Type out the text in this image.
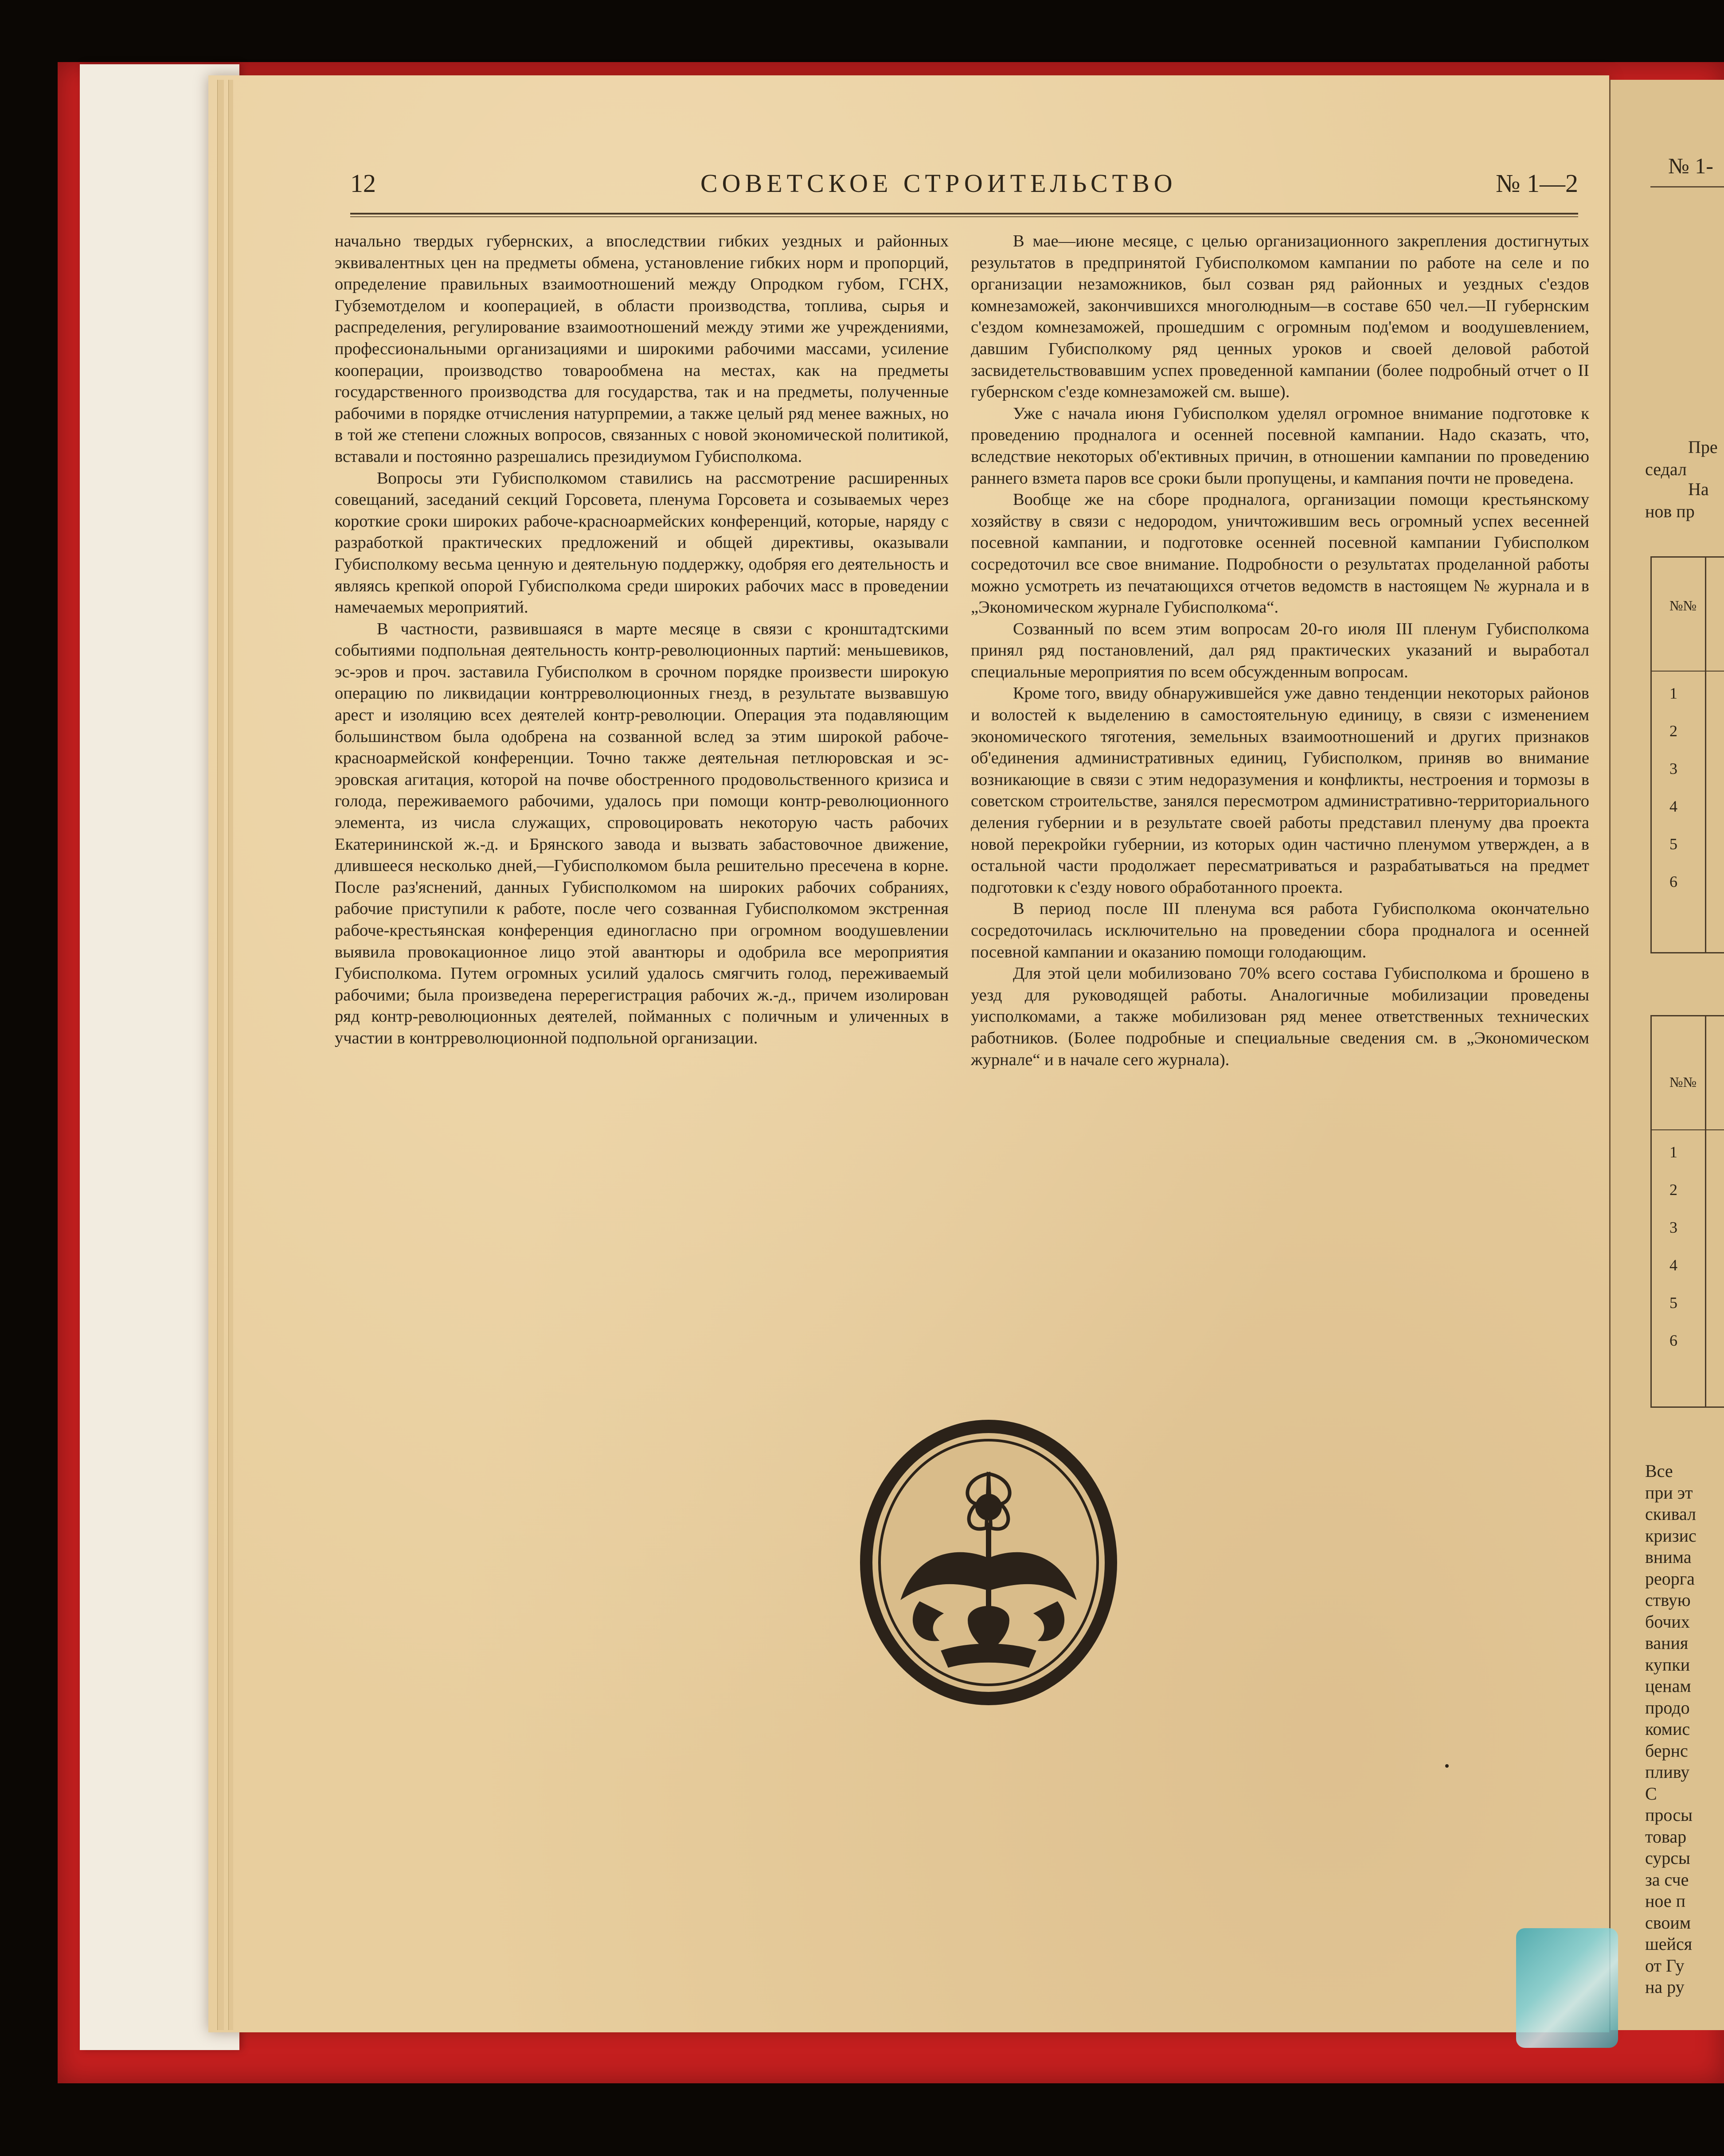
№ 1-
Пре
седал
На
нов пр
№№
1
2
3
4
5
6
№№
1
2
3
4
5
6
Все
при эт
скивал
кризис
внима
реорга
ствую
бочих
вания
купки
ценам
продо
комис
бернс
пливу
С
просы
товар
сурсы
за сче
ное п
своим
шейся
от Гу
на ру
12	СОВЕТСКОЕ СТРОИТЕЛЬСТВО	№ 1—2

начально твердых губернских, а впоследствии гибких уездных и районных эквивалентных цен на предметы обмена, установление гибких норм и пропорций, определение правильных взаимоотношений между Опродком губом, ГСНХ, Губземотделом и кооперацией, в области производства, топлива, сырья и распределения, регулирование взаимоотношений между этими же учреждениями, профессиональными организациями и широкими рабочими массами, усиление кооперации, производство товарообмена на местах, как на предметы государственного производства для государства, так и на предметы, полученные рабочими в порядке отчисления натурпремии, а также целый ряд менее важных, но в той же степени сложных вопросов, связанных с новой экономической политикой, вставали и постоянно разрешались президиумом Губисполкома.

Вопросы эти Губисполкомом ставились на рассмотрение расширенных совещаний, заседаний секций Горсовета, пленума Горсовета и созываемых через короткие сроки широких рабоче-красноармейских конференций, которые, наряду с разработкой практических предложений и общей директивы, оказывали Губисполкому весьма ценную и деятельную поддержку, одобряя его деятельность и являясь крепкой опорой Губисполкома среди широких рабочих масс в проведении намечаемых мероприятий.

В частности, развившаяся в марте месяце в связи с кронштадтскими событиями подпольная деятельность контр-революционных партий: меньшевиков, эс-эров и проч. заставила Губисполком в срочном порядке произвести широкую операцию по ликвидации контрреволюционных гнезд, в результате вызвавшую арест и изоляцию всех деятелей контр-революции. Операция эта подавляющим большинством была одобрена на созванной вслед за этим широкой рабоче-красноармейской конференции. Точно также деятельная петлюровская и эс-эровская агитация, которой на почве обостренного продовольственного кризиса и голода, переживаемого рабочими, удалось при помощи контр-революционного элемента, из числа служащих, спровоцировать некоторую часть рабочих Екатерининской ж.-д. и Брянского завода и вызвать забастовочное движение, длившееся несколько дней,—Губисполкомом была решительно пресечена в корне. После раз'яснений, данных Губисполкомом на широких рабочих собраниях, рабочие приступили к работе, после чего созванная Губисполкомом экстренная рабоче-крестьянская конференция единогласно при огромном воодушевлении выявила провокационное лицо этой авантюры и одобрила все мероприятия Губисполкома. Путем огромных усилий удалось смягчить голод, переживаемый рабочими; была произведена перерегистрация рабочих ж.-д., причем изолирован ряд контр-революционных деятелей, пойманных с поличным и уличенных в участии в контрреволюционной подпольной организации.

В мае—июне месяце, с целью организационного закрепления достигнутых результатов в предпринятой Губисполкомом кампании по работе на селе и по организации незаможников, был созван ряд районных и уездных с'ездов комнезаможей, закончившихся многолюдным—в составе 650 чел.—II губернским с'ездом комнезаможей, прошедшим с огромным под'емом и воодушевлением, давшим Губисполкому ряд ценных уроков и своей деловой работой засвидетельствовавшим успех проведенной кампании (более подробный отчет о II губернском с'езде комнезаможей см. выше).

Уже с начала июня Губисполком уделял огромное внимание подготовке к проведению продналога и осенней посевной кампании. Надо сказать, что, вследствие некоторых об'ективных причин, в отношении кампании по проведению раннего взмета паров все сроки были пропущены, и кампания почти не проведена.

Вообще же на сборе продналога, организации помощи крестьянскому хозяйству в связи с недородом, уничтожившим весь огромный успех весенней посевной кампании, и подготовке осенней посевной кампании Губисполком сосредоточил все свое внимание. Подробности о результатах проделанной работы можно усмотреть из печатающихся отчетов ведомств в настоящем № журнала и в „Экономическом журнале Губисполкома“.

Созванный по всем этим вопросам 20-го июля III пленум Губисполкома принял ряд постановлений, дал ряд практических указаний и выработал специальные мероприятия по всем обсужденным вопросам.

Кроме того, ввиду обнаружившейся уже давно тенденции некоторых районов и волостей к выделению в самостоятельную единицу, в связи с изменением экономического тяготения, земельных взаимоотношений и других признаков об'единения административных единиц, Губисполком, приняв во внимание возникающие в связи с этим недоразумения и конфликты, нестроения и тормозы в советском строительстве, занялся пересмотром административно-территориального деления губернии и в результате своей работы представил пленуму два проекта новой перекройки губернии, из которых один частично пленумом утвержден, а в остальной части продолжает пересматриваться и разрабатываться на предмет подготовки к с'езду нового обработанного проекта.

В период после III пленума вся работа Губисполкома окончательно сосредоточилась исключительно на проведении сбора продналога и осенней посевной кампании и оказанию помощи голодающим.

Для этой цели мобилизовано 70% всего состава Губисполкома и брошено в уезд для руководящей работы. Аналогичные мобилизации проведены уисполкомами, а также мобилизован ряд менее ответственных технических работников. (Более подробные и специальные сведения см. в „Экономическом журнале“ и в начале сего журнала).
